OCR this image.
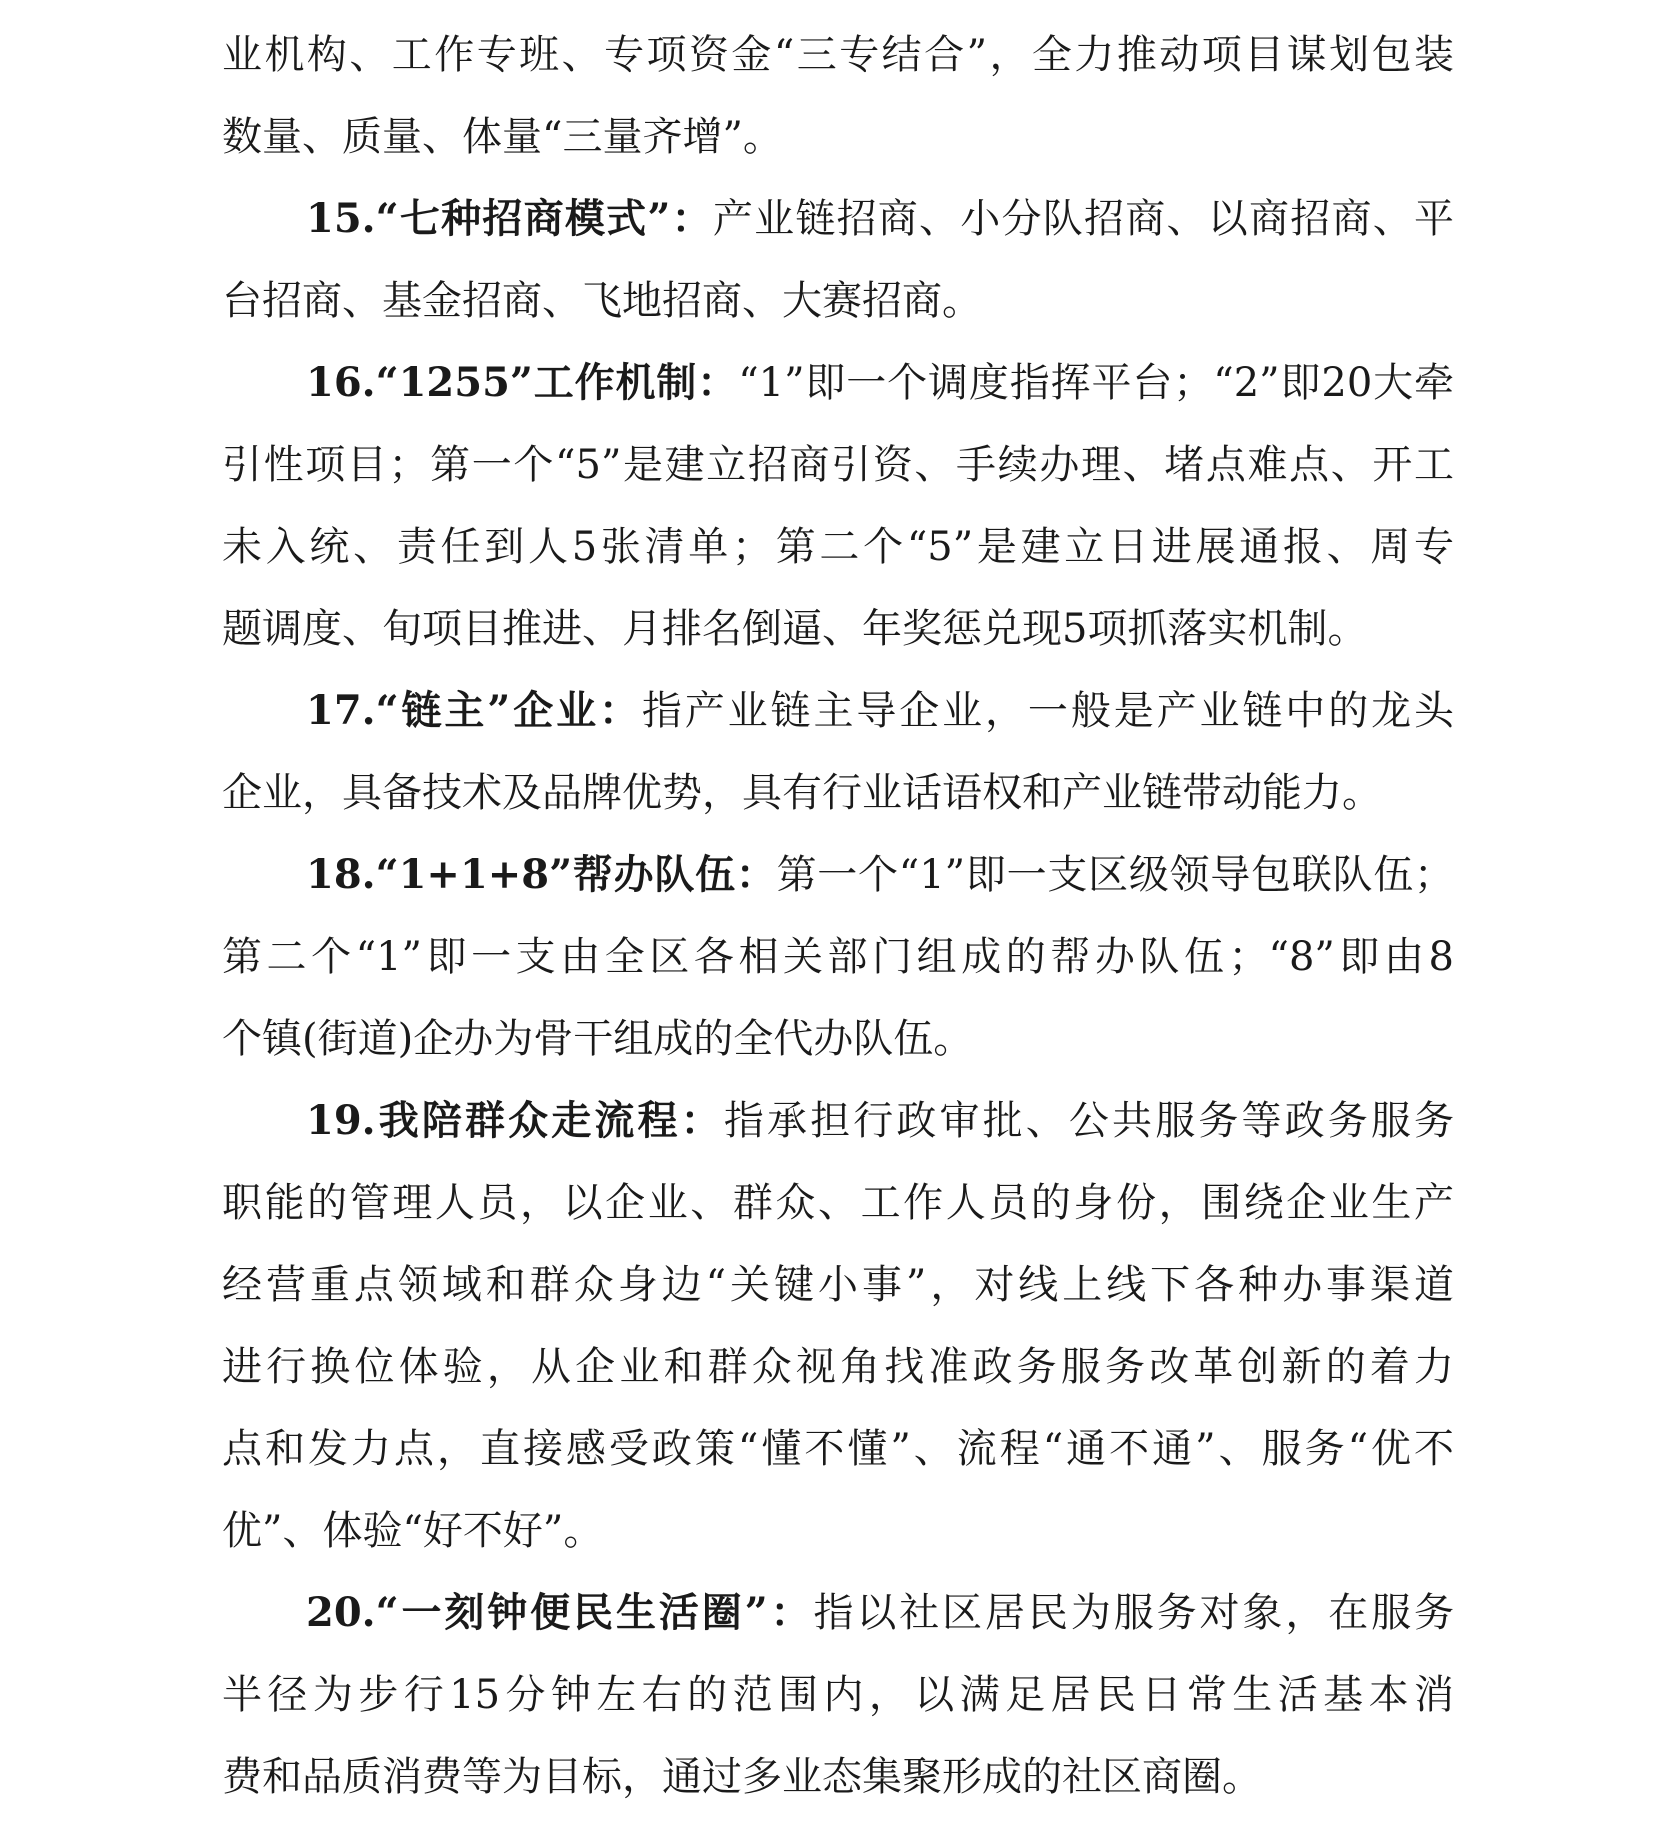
业机构、工作专班、专项资金“三专结合”，全力推动项目谋划包装
数量、质量、体量“三量齐增”。
15.“七种招商模式”：产业链招商、小分队招商、以商招商、平
台招商、基金招商、飞地招商、大赛招商。
16.“1255”工作机制：“1”即一个调度指挥平台；“2”即20大牵
引性项目；第一个“5”是建立招商引资、手续办理、堵点难点、开工
未入统、责任到人5张清单；第二个“5”是建立日进展通报、周专
题调度、旬项目推进、月排名倒逼、年奖惩兑现5项抓落实机制。
17.“链主”企业：指产业链主导企业，一般是产业链中的龙头
企业，具备技术及品牌优势，具有行业话语权和产业链带动能力。
18.“1+1+8”帮办队伍：第一个“1”即一支区级领导包联队伍；
第二个“1”即一支由全区各相关部门组成的帮办队伍；“8”即由8
个镇(街道)企办为骨干组成的全代办队伍。
19.我陪群众走流程：指承担行政审批、公共服务等政务服务
职能的管理人员，以企业、群众、工作人员的身份，围绕企业生产
经营重点领域和群众身边“关键小事”，对线上线下各种办事渠道
进行换位体验，从企业和群众视角找准政务服务改革创新的着力
点和发力点，直接感受政策“懂不懂”、流程“通不通”、服务“优不
优”、体验“好不好”。
20.“一刻钟便民生活圈”：指以社区居民为服务对象，在服务
半径为步行15分钟左右的范围内，以满足居民日常生活基本消
费和品质消费等为目标，通过多业态集聚形成的社区商圈。
